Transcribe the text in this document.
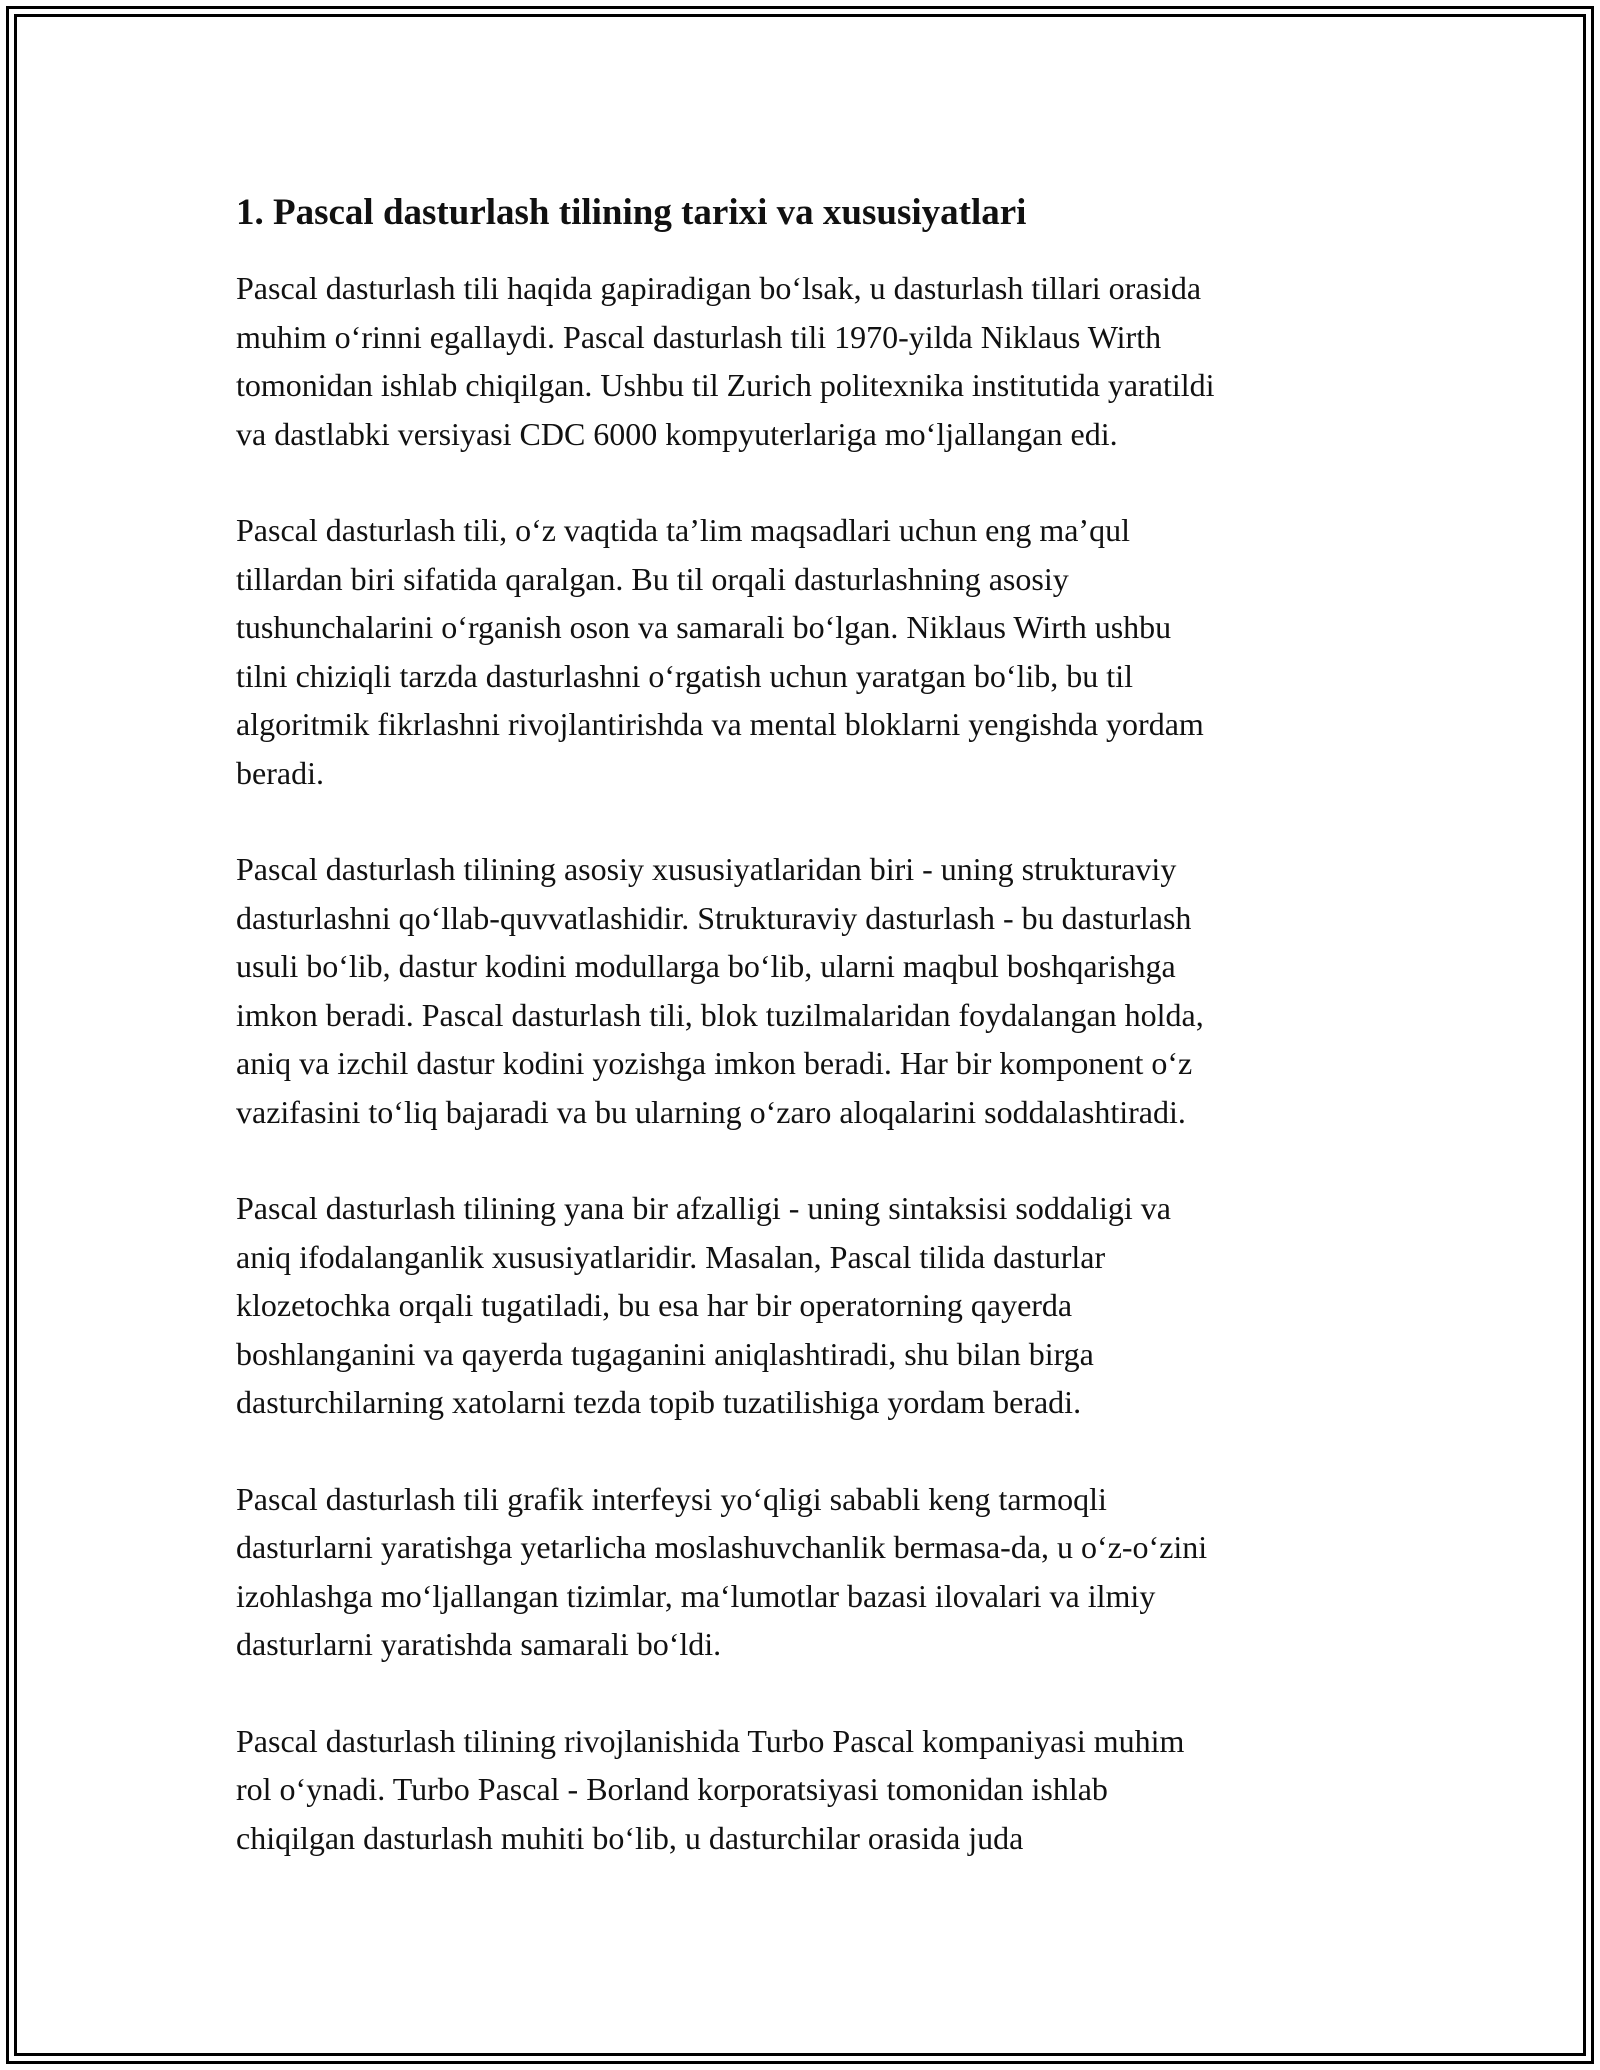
1. Pascal dasturlash tilining tarixi va xususiyatlari

Pascal dasturlash tili haqida gapiradigan bo‘lsak, u dasturlash tillari orasida
muhim o‘rinni egallaydi. Pascal dasturlash tili 1970-yilda Niklaus Wirth
tomonidan ishlab chiqilgan. Ushbu til Zurich politexnika institutida yaratildi
va dastlabki versiyasi CDC 6000 kompyuterlariga mo‘ljallangan edi.

Pascal dasturlash tili, o‘z vaqtida ta’lim maqsadlari uchun eng ma’qul
tillardan biri sifatida qaralgan. Bu til orqali dasturlashning asosiy
tushunchalarini o‘rganish oson va samarali bo‘lgan. Niklaus Wirth ushbu
tilni chiziqli tarzda dasturlashni o‘rgatish uchun yaratgan bo‘lib, bu til
algoritmik fikrlashni rivojlantirishda va mental bloklarni yengishda yordam
beradi.

Pascal dasturlash tilining asosiy xususiyatlaridan biri - uning strukturaviy
dasturlashni qo‘llab-quvvatlashidir. Strukturaviy dasturlash - bu dasturlash
usuli bo‘lib, dastur kodini modullarga bo‘lib, ularni maqbul boshqarishga
imkon beradi. Pascal dasturlash tili, blok tuzilmalaridan foydalangan holda,
aniq va izchil dastur kodini yozishga imkon beradi. Har bir komponent o‘z
vazifasini to‘liq bajaradi va bu ularning o‘zaro aloqalarini soddalashtiradi.

Pascal dasturlash tilining yana bir afzalligi - uning sintaksisi soddaligi va
aniq ifodalanganlik xususiyatlaridir. Masalan, Pascal tilida dasturlar
klozetochka orqali tugatiladi, bu esa har bir operatorning qayerda
boshlanganini va qayerda tugaganini aniqlashtiradi, shu bilan birga
dasturchilarning xatolarni tezda topib tuzatilishiga yordam beradi.

Pascal dasturlash tili grafik interfeysi yo‘qligi sababli keng tarmoqli
dasturlarni yaratishga yetarlicha moslashuvchanlik bermasa-da, u o‘z-o‘zini
izohlashga mo‘ljallangan tizimlar, ma‘lumotlar bazasi ilovalari va ilmiy
dasturlarni yaratishda samarali bo‘ldi.

Pascal dasturlash tilining rivojlanishida Turbo Pascal kompaniyasi muhim
rol o‘ynadi. Turbo Pascal - Borland korporatsiyasi tomonidan ishlab
chiqilgan dasturlash muhiti bo‘lib, u dasturchilar orasida juda
